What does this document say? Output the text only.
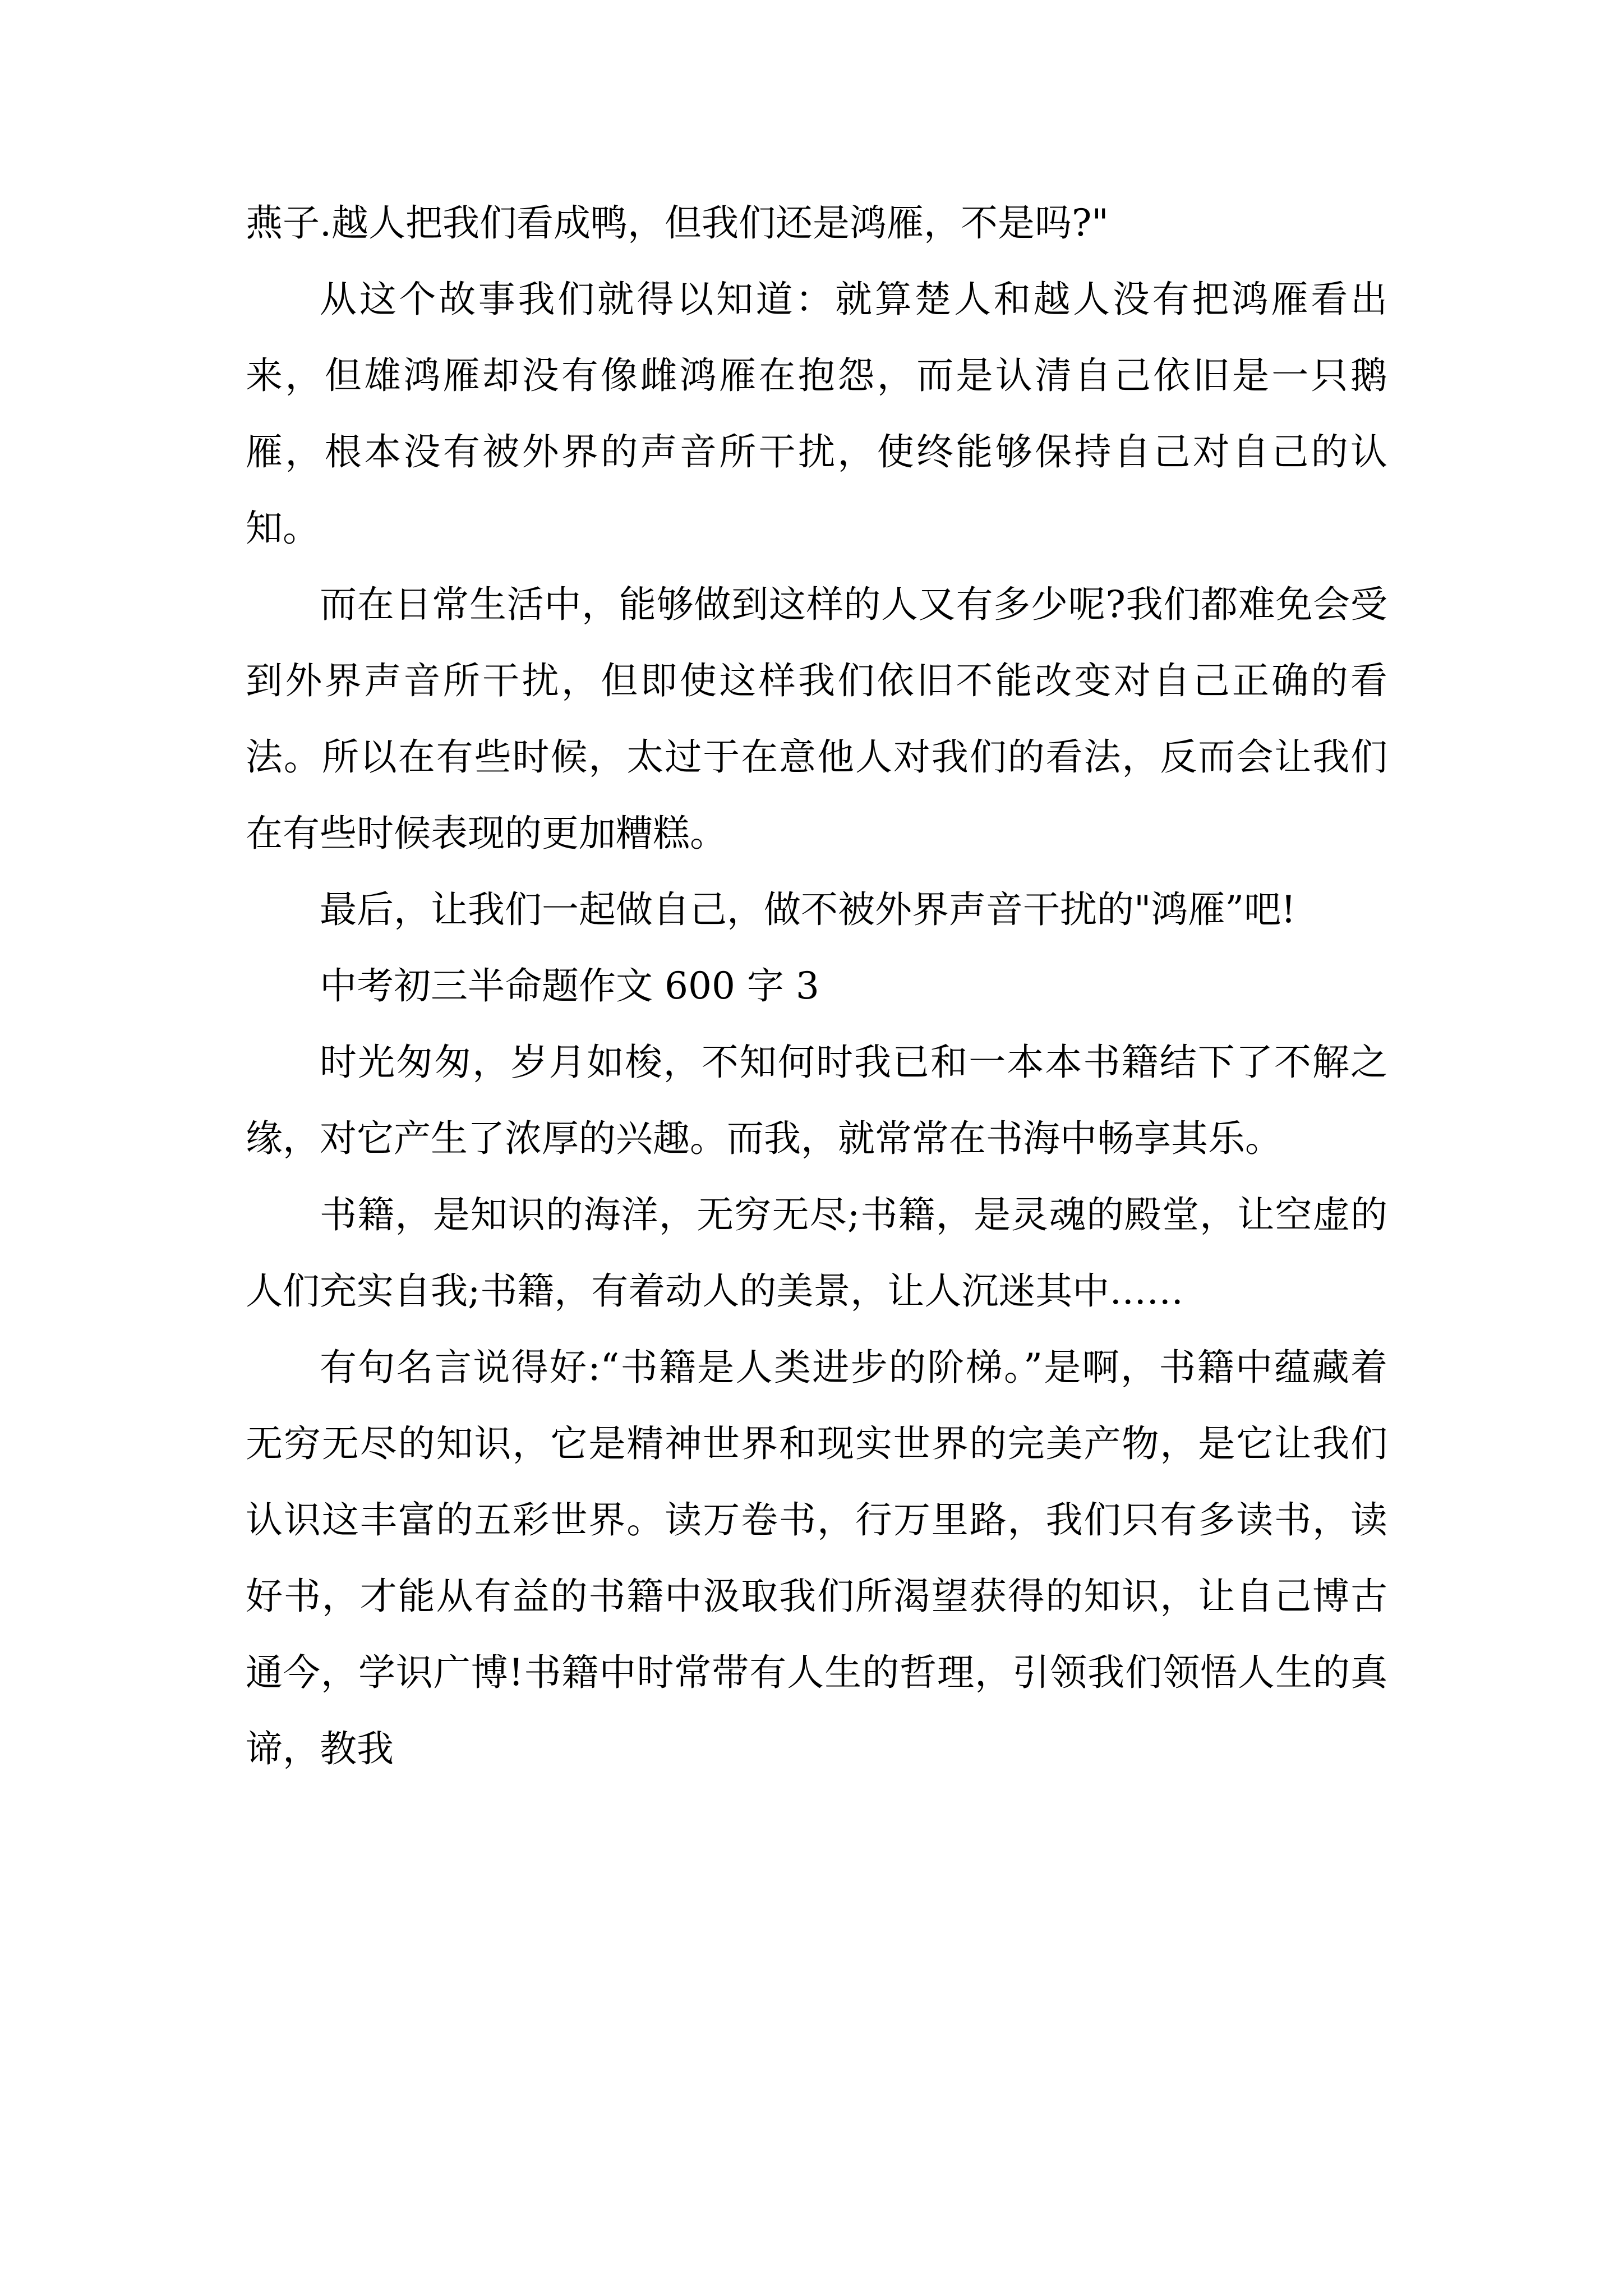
燕子.越人把我们看成鸭，但我们还是鸿雁，不是吗?"

从这个故事我们就得以知道：就算楚人和越人没有把鸿雁看出来，但雄鸿雁却没有像雌鸿雁在抱怨，而是认清自己依旧是一只鹅雁，根本没有被外界的声音所干扰，使终能够保持自己对自己的认知。

而在日常生活中，能够做到这样的人又有多少呢?我们都难免会受到外界声音所干扰，但即使这样我们依旧不能改变对自己正确的看法。所以在有些时候，太过于在意他人对我们的看法，反而会让我们在有些时候表现的更加糟糕。

最后，让我们一起做自己，做不被外界声音干扰的"鸿雁”吧!

中考初三半命题作文 600 字 3

时光匆匆，岁月如梭，不知何时我已和一本本书籍结下了不解之缘，对它产生了浓厚的兴趣。而我，就常常在书海中畅享其乐。

书籍，是知识的海洋，无穷无尽;书籍，是灵魂的殿堂，让空虚的人们充实自我;书籍，有着动人的美景，让人沉迷其中……

有句名言说得好:“书籍是人类进步的阶梯。”是啊，书籍中蕴藏着无穷无尽的知识，它是精神世界和现实世界的完美产物，是它让我们认识这丰富的五彩世界。读万卷书，行万里路，我们只有多读书，读好书，才能从有益的书籍中汲取我们所渴望获得的知识，让自己博古通今，学识广博!书籍中时常带有人生的哲理，引领我们领悟人生的真谛，教我
